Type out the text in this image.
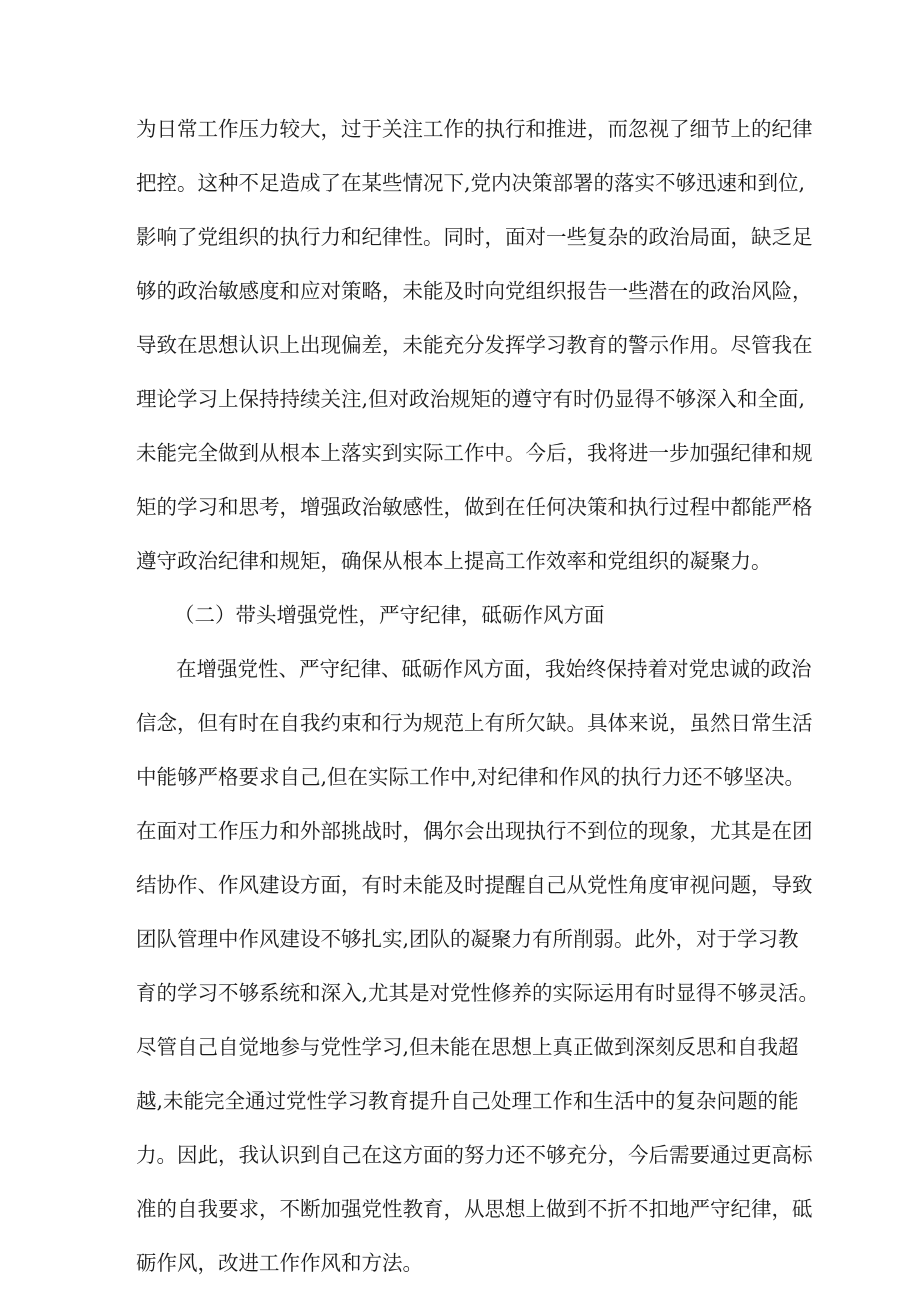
为日常工作压力较大，过于关注工作的执行和推进，而忽视了细节上的纪律
把控。这种不足造成了在某些情况下,党内决策部署的落实不够迅速和到位,
影响了党组织的执行力和纪律性。同时，面对一些复杂的政治局面，缺乏足
够的政治敏感度和应对策略，未能及时向党组织报告一些潜在的政治风险，
导致在思想认识上出现偏差，未能充分发挥学习教育的警示作用。尽管我在
理论学习上保持持续关注,但对政治规矩的遵守有时仍显得不够深入和全面,
未能完全做到从根本上落实到实际工作中。今后，我将进一步加强纪律和规
矩的学习和思考，增强政治敏感性，做到在任何决策和执行过程中都能严格
遵守政治纪律和规矩，确保从根本上提高工作效率和党组织的凝聚力。
（二）带头增强党性，严守纪律，砥砺作风方面
在增强党性、严守纪律、砥砺作风方面，我始终保持着对党忠诚的政治
信念，但有时在自我约束和行为规范上有所欠缺。具体来说，虽然日常生活
中能够严格要求自己,但在实际工作中,对纪律和作风的执行力还不够坚决。
在面对工作压力和外部挑战时，偶尔会出现执行不到位的现象，尤其是在团
结协作、作风建设方面，有时未能及时提醒自己从党性角度审视问题，导致
团队管理中作风建设不够扎实,团队的凝聚力有所削弱。此外，对于学习教
育的学习不够系统和深入,尤其是对党性修养的实际运用有时显得不够灵活。
尽管自己自觉地参与党性学习,但未能在思想上真正做到深刻反思和自我超
越,未能完全通过党性学习教育提升自己处理工作和生活中的复杂问题的能
力。因此，我认识到自己在这方面的努力还不够充分，今后需要通过更高标
准的自我要求，不断加强党性教育，从思想上做到不折不扣地严守纪律，砥
砺作风，改进工作作风和方法。
